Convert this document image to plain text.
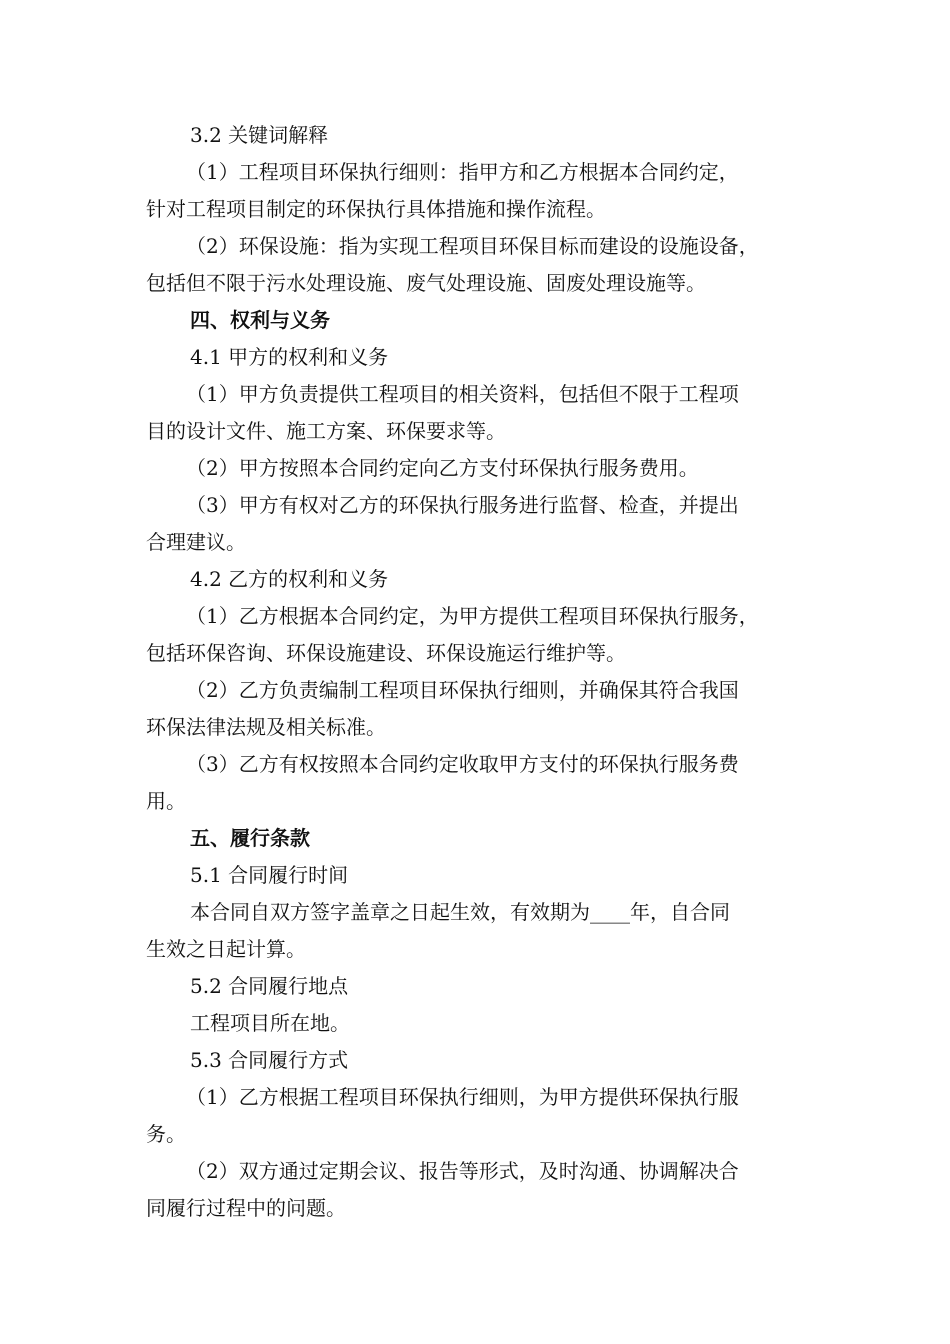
3.2 关键词解释
（1）工程项目环保执行细则：指甲方和乙方根据本合同约定，
针对工程项目制定的环保执行具体措施和操作流程。
（2）环保设施：指为实现工程项目环保目标而建设的设施设备，
包括但不限于污水处理设施、废气处理设施、固废处理设施等。
四、权利与义务
4.1 甲方的权利和义务
（1）甲方负责提供工程项目的相关资料，包括但不限于工程项
目的设计文件、施工方案、环保要求等。
（2）甲方按照本合同约定向乙方支付环保执行服务费用。
（3）甲方有权对乙方的环保执行服务进行监督、检查，并提出
合理建议。
4.2 乙方的权利和义务
（1）乙方根据本合同约定，为甲方提供工程项目环保执行服务，
包括环保咨询、环保设施建设、环保设施运行维护等。
（2）乙方负责编制工程项目环保执行细则，并确保其符合我国
环保法律法规及相关标准。
（3）乙方有权按照本合同约定收取甲方支付的环保执行服务费
用。
五、履行条款
5.1 合同履行时间
本合同自双方签字盖章之日起生效，有效期为____年，自合同
生效之日起计算。
5.2 合同履行地点
工程项目所在地。
5.3 合同履行方式
（1）乙方根据工程项目环保执行细则，为甲方提供环保执行服
务。
（2）双方通过定期会议、报告等形式，及时沟通、协调解决合
同履行过程中的问题。
